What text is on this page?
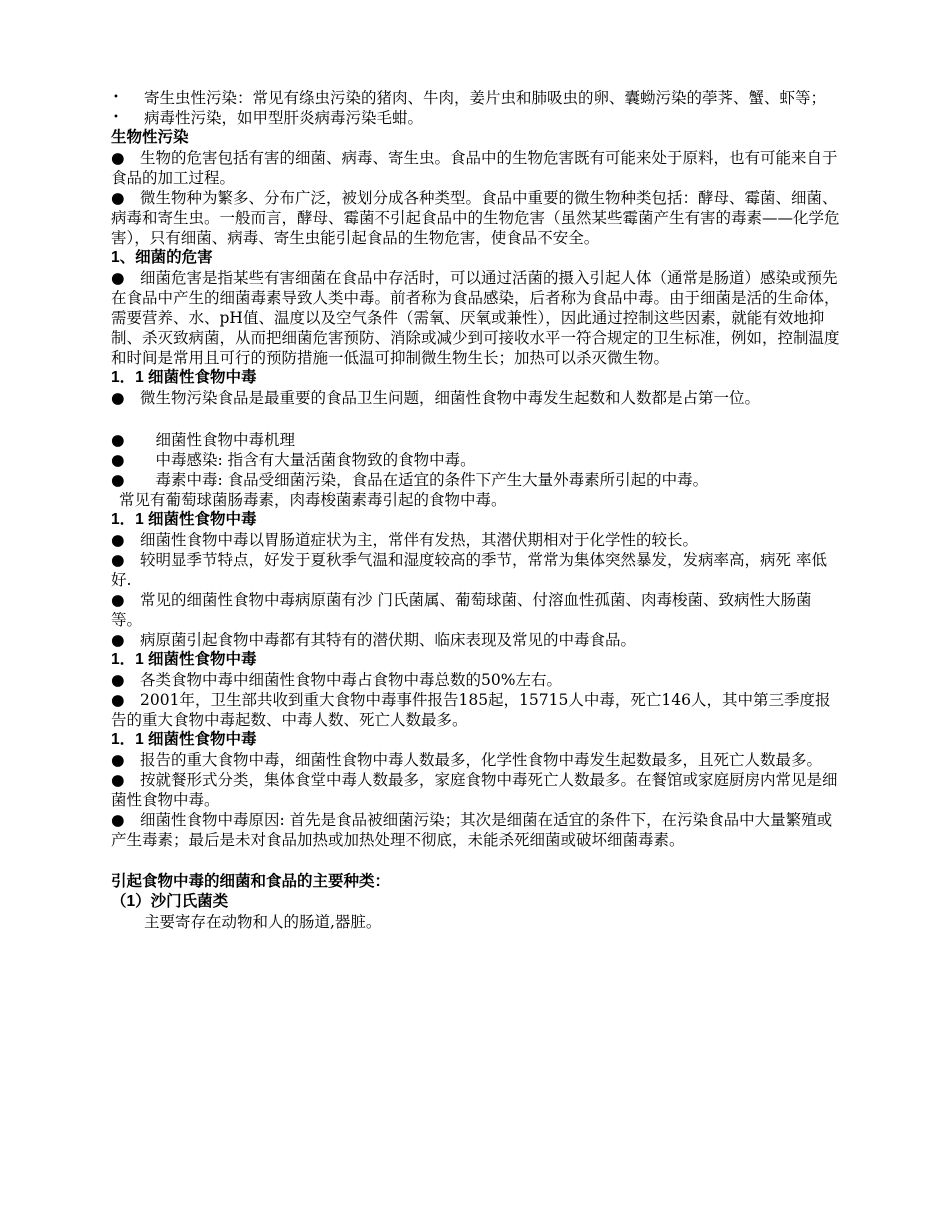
•	寄生虫性污染：常见有绦虫污染的猪肉、牛肉，姜片虫和肺吸虫的卵、囊蚴污染的荸荠、蟹、虾等；
•	病毒性污染，如甲型肝炎病毒污染毛蚶。

生物性污染

●　生物的危害包括有害的细菌、病毒、寄生虫。食品中的生物危害既有可能来处于原料，也有可能来自于食品的加工过程。

●　微生物种为繁多、分布广泛，被划分成各种类型。食品中重要的微生物种类包括：酵母、霉菌、细菌、病毒和寄生虫。一般而言，酵母、霉菌不引起食品中的生物危害（虽然某些霉菌产生有害的毒素——化学危害），只有细菌、病毒、寄生虫能引起食品的生物危害，使食品不安全。

1、细菌的危害

●　细菌危害是指某些有害细菌在食品中存活时，可以通过活菌的摄入引起人体（通常是肠道）感染或预先在食品中产生的细菌毒素导致人类中毒。前者称为食品感染，后者称为食品中毒。由于细菌是活的生命体，需要营养、水、pH值、温度以及空气条件（需氧、厌氧或兼性），因此通过控制这些因素，就能有效地抑制、杀灭致病菌，从而把细菌危害预防、消除或减少到可接收水平一符合规定的卫生标准，例如，控制温度和时间是常用且可行的预防措施一低温可抑制微生物生长；加热可以杀灭微生物。

1．1 细菌性食物中毒

●　微生物污染食品是最重要的食品卫生问题，细菌性食物中毒发生起数和人数都是占第一位。

●　　细菌性食物中毒机理

●　　中毒感染: 指含有大量活菌食物致的食物中毒。

●　　毒素中毒: 食品受细菌污染，食品在适宜的条件下产生大量外毒素所引起的中毒。

常见有葡萄球菌肠毒素，肉毒梭菌素毒引起的食物中毒。

1．1 细菌性食物中毒

●　细菌性食物中毒以胃肠道症状为主，常伴有发热，其潜伏期相对于化学性的较长。

●　较明显季节特点，好发于夏秋季气温和湿度较高的季节，常常为集体突然暴发，发病率高，病死 率低好.

●　常见的细菌性食物中毒病原菌有沙 门氏菌属、葡萄球菌、付溶血性孤菌、肉毒梭菌、致病性大肠菌等。

●　病原菌引起食物中毒都有其特有的潜伏期、临床表现及常见的中毒食品。

1．1 细菌性食物中毒

●　各类食物中毒中细菌性食物中毒占食物中毒总数的50%左右。

●　2001年，卫生部共收到重大食物中毒事件报告185起，15715人中毒，死亡146人，其中第三季度报告的重大食物中毒起数、中毒人数、死亡人数最多。

1．1 细菌性食物中毒

●　报告的重大食物中毒，细菌性食物中毒人数最多，化学性食物中毒发生起数最多，且死亡人数最多。

●　按就餐形式分类，集体食堂中毒人数最多，家庭食物中毒死亡人数最多。在餐馆或家庭厨房内常见是细菌性食物中毒。

●　细菌性食物中毒原因: 首先是食品被细菌污染；其次是细菌在适宜的条件下，在污染食品中大量繁殖或产生毒素；最后是未对食品加热或加热处理不彻底，未能杀死细菌或破坏细菌毒素。

引起食物中毒的细菌和食品的主要种类：

（1）沙门氏菌类

主要寄存在动物和人的肠道,器脏。
